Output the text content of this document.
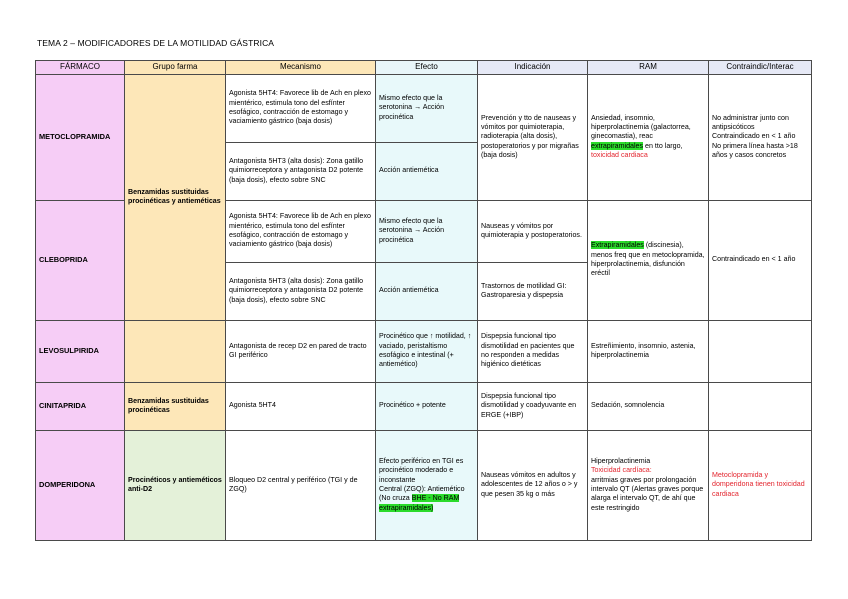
TEMA 2 – MODIFICADORES DE LA MOTILIDAD GÁSTRICA
FÁRMACO	Grupo farma	Mecanismo	Efecto	Indicación	RAM	Contraindic/Interac
METOCLOPRAMIDA	Benzamidas sustituidas procinéticas y antieméticas	Agonista 5HT4: Favorece lib de Ach en plexo mientérico, estimula tono del esfínter esofágico, contracción de estomago y vaciamiento gástrico (baja dosis)	Mismo efecto que la serotonina → Acción procinética	Prevención y tto de nauseas y vómitos por quimioterapia, radioterapia (alta dosis), postoperatorios y por migrañas (baja dosis)	Ansiedad, insomnio, hiperprolactinemia (galactorrea, ginecomastia), reac extrapiramidales en tto largo, toxicidad cardiaca	No administrar junto con antipsicóticos
Contraindicado en < 1 año
No primera línea hasta >18 años y casos concretos
		Antagonista 5HT3 (alta dosis): Zona gatillo quimiorreceptora y antagonista D2 potente (baja dosis), efecto sobre SNC	Acción antiemética			
CLEBOPRIDA		Agonista 5HT4: Favorece lib de Ach en plexo mientérico, estimula tono del esfínter esofágico, contracción de estomago y vaciamiento gástrico (baja dosis)	Mismo efecto que la serotonina → Acción procinética	Nauseas y vómitos por quimioterapia y postoperatorios.	Extrapiramidales (discinesia), menos freq que en metoclopramida, hiperprolactinemia, disfunción eréctil	Contraindicado en < 1 año
		Antagonista 5HT3 (alta dosis): Zona gatillo quimiorreceptora y antagonista D2 potente (baja dosis), efecto sobre SNC	Acción antiemética	Trastornos de motilidad GI: Gastroparesia y dispepsia		
LEVOSULPIRIDA		Antagonista de recep D2 en pared de tracto GI periférico	Procinético que ↑ motilidad, ↑ vaciado, peristaltismo esofágico e intestinal (+ antiemético)	Dispepsia funcional tipo dismotilidad en pacientes que no responden a medidas higiénico dietéticas	Estreñimiento, insomnio, astenia, hiperprolactinemia	
CINITAPRIDA	Benzamidas sustituidas procinéticas	Agonista 5HT4	Procinético + potente	Dispepsia funcional tipo dismotilidad y coadyuvante en ERGE (+IBP)	Sedación, somnolencia	
DOMPERIDONA	Procinéticos y antieméticos anti-D2	Bloqueo D2 central y periférico (TGI y de ZGQ)	Efecto periférico en TGI es procinético moderado e inconstante
Central (ZGQ): Antiemético (No cruza BHE ‑ No RAM extrapiramidales)	Nauseas vómitos en adultos y adolescentes de 12 años o > y que pesen 35 kg o más	Hiperprolactinemia
Toxicidad cardíaca:
arritmias graves por prolongación intervalo QT (Alertas graves porque alarga el intervalo QT, de ahí que este restringido	Metoclopramida y domperidona tienen toxicidad cardiaca
